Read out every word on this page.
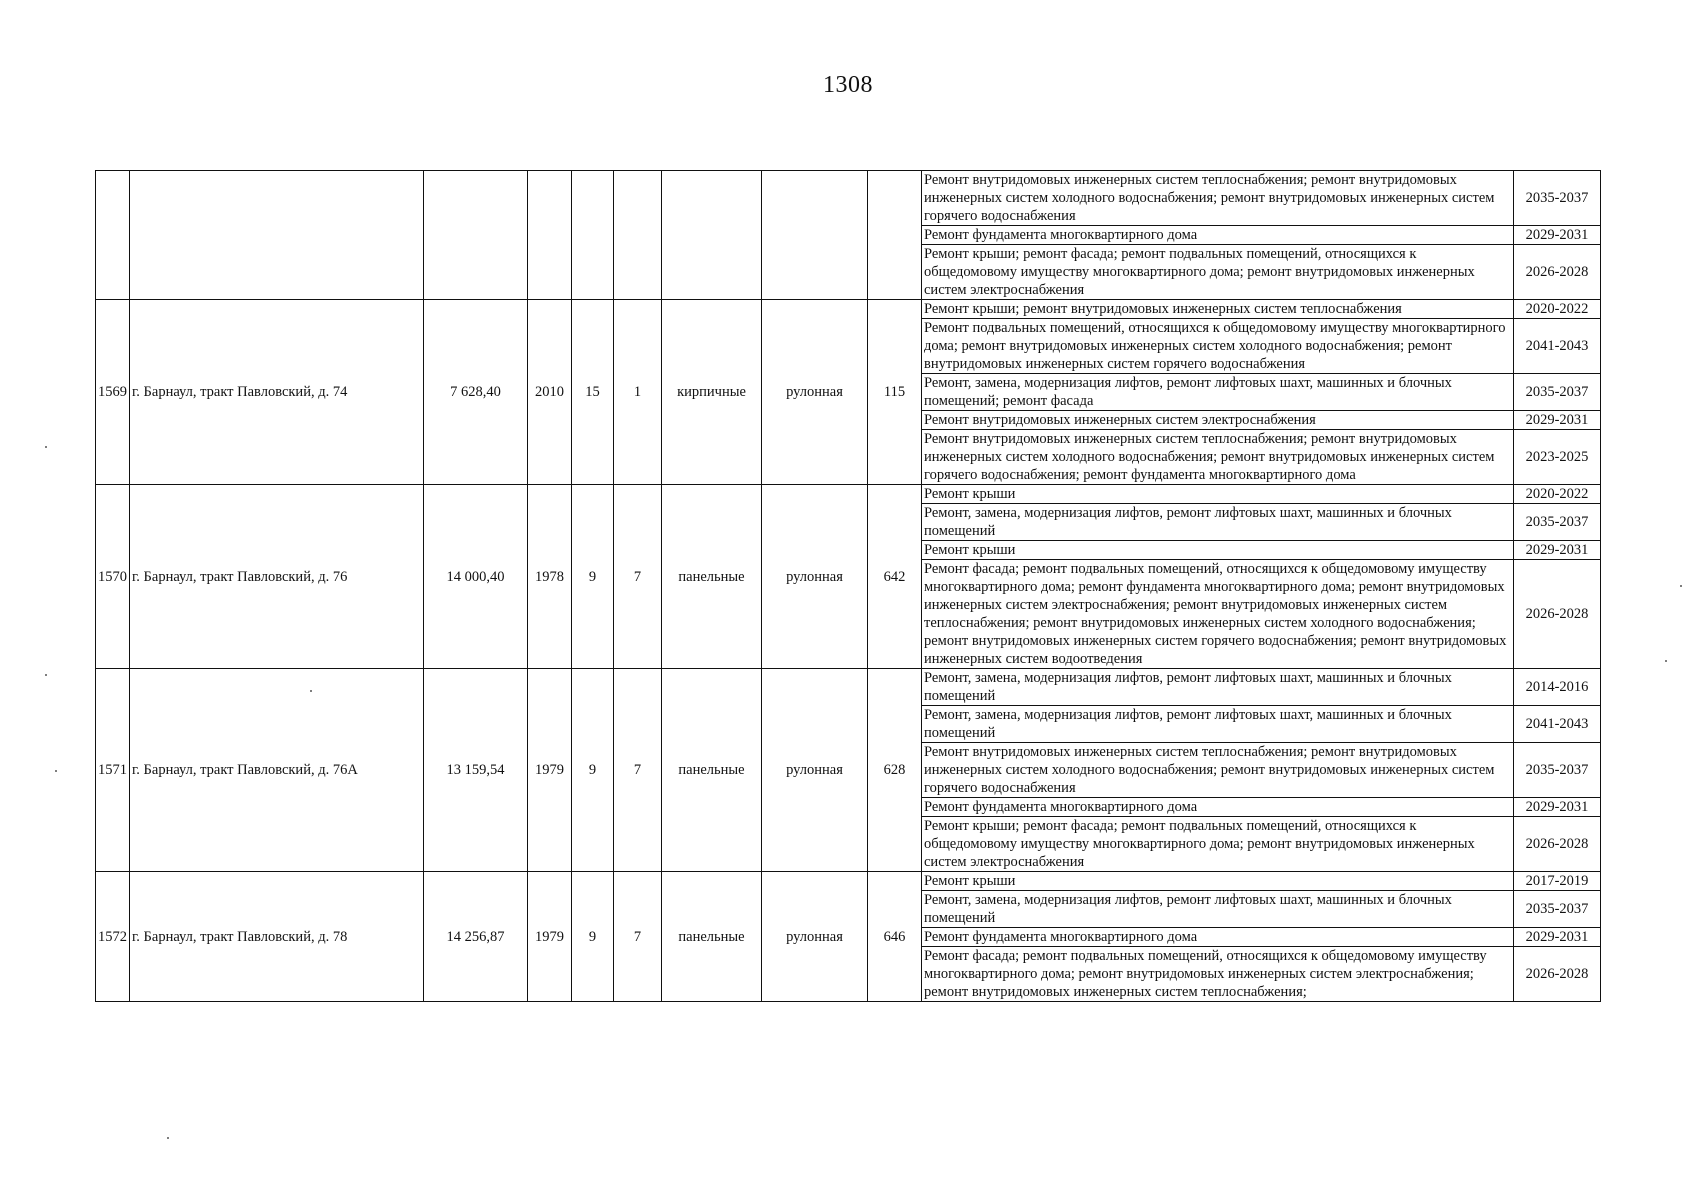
1308
									Ремонт внутридомовых инженерных систем теплоснабжения; ремонт внутридомовых инженерных систем холодного водоснабжения; ремонт внутридомовых инженерных систем горячего водоснабжения	2035-2037
									Ремонт фундамента многоквартирного дома	2029-2031
									Ремонт крыши; ремонт фасада; ремонт подвальных помещений, относящихся к общедомовому имуществу многоквартирного дома; ремонт внутридомовых инженерных систем электроснабжения	2026-2028
1569	г. Барнаул, тракт Павловский, д. 74	7 628,40	2010	15	1	кирпичные	рулонная	115	Ремонт крыши; ремонт внутридомовых инженерных систем теплоснабжения	2020-2022
									Ремонт подвальных помещений, относящихся к общедомовому имуществу многоквартирного дома; ремонт внутридомовых инженерных систем холодного водоснабжения; ремонт внутридомовых инженерных систем горячего водоснабжения	2041-2043
									Ремонт, замена, модернизация лифтов, ремонт лифтовых шахт, машинных и блочных помещений; ремонт фасада	2035-2037
									Ремонт внутридомовых инженерных систем электроснабжения	2029-2031
									Ремонт внутридомовых инженерных систем теплоснабжения; ремонт внутридомовых инженерных систем холодного водоснабжения; ремонт внутридомовых инженерных систем горячего водоснабжения; ремонт фундамента многоквартирного дома	2023-2025
1570	г. Барнаул, тракт Павловский, д. 76	14 000,40	1978	9	7	панельные	рулонная	642	Ремонт крыши	2020-2022
									Ремонт, замена, модернизация лифтов, ремонт лифтовых шахт, машинных и блочных помещений	2035-2037
									Ремонт крыши	2029-2031
									Ремонт фасада; ремонт подвальных помещений, относящихся к общедомовому имуществу многоквартирного дома; ремонт фундамента многоквартирного дома; ремонт внутридомовых инженерных систем электроснабжения; ремонт внутридомовых инженерных систем теплоснабжения; ремонт внутридомовых инженерных систем холодного водоснабжения; ремонт внутридомовых инженерных систем горячего водоснабжения; ремонт внутридомовых инженерных систем водоотведения	2026-2028
1571	г. Барнаул, тракт Павловский, д. 76А	13 159,54	1979	9	7	панельные	рулонная	628	Ремонт, замена, модернизация лифтов, ремонт лифтовых шахт, машинных и блочных помещений	2014-2016
									Ремонт, замена, модернизация лифтов, ремонт лифтовых шахт, машинных и блочных помещений	2041-2043
									Ремонт внутридомовых инженерных систем теплоснабжения; ремонт внутридомовых инженерных систем холодного водоснабжения; ремонт внутридомовых инженерных систем горячего водоснабжения	2035-2037
									Ремонт фундамента многоквартирного дома	2029-2031
									Ремонт крыши; ремонт фасада; ремонт подвальных помещений, относящихся к общедомовому имуществу многоквартирного дома; ремонт внутридомовых инженерных систем электроснабжения	2026-2028
1572	г. Барнаул, тракт Павловский, д. 78	14 256,87	1979	9	7	панельные	рулонная	646	Ремонт крыши	2017-2019
									Ремонт, замена, модернизация лифтов, ремонт лифтовых шахт, машинных и блочных помещений	2035-2037
									Ремонт фундамента многоквартирного дома	2029-2031
									Ремонт фасада; ремонт подвальных помещений, относящихся к общедомовому имуществу многоквартирного дома; ремонт внутридомовых инженерных систем электроснабжения; ремонт внутридомовых инженерных систем теплоснабжения;	2026-2028
